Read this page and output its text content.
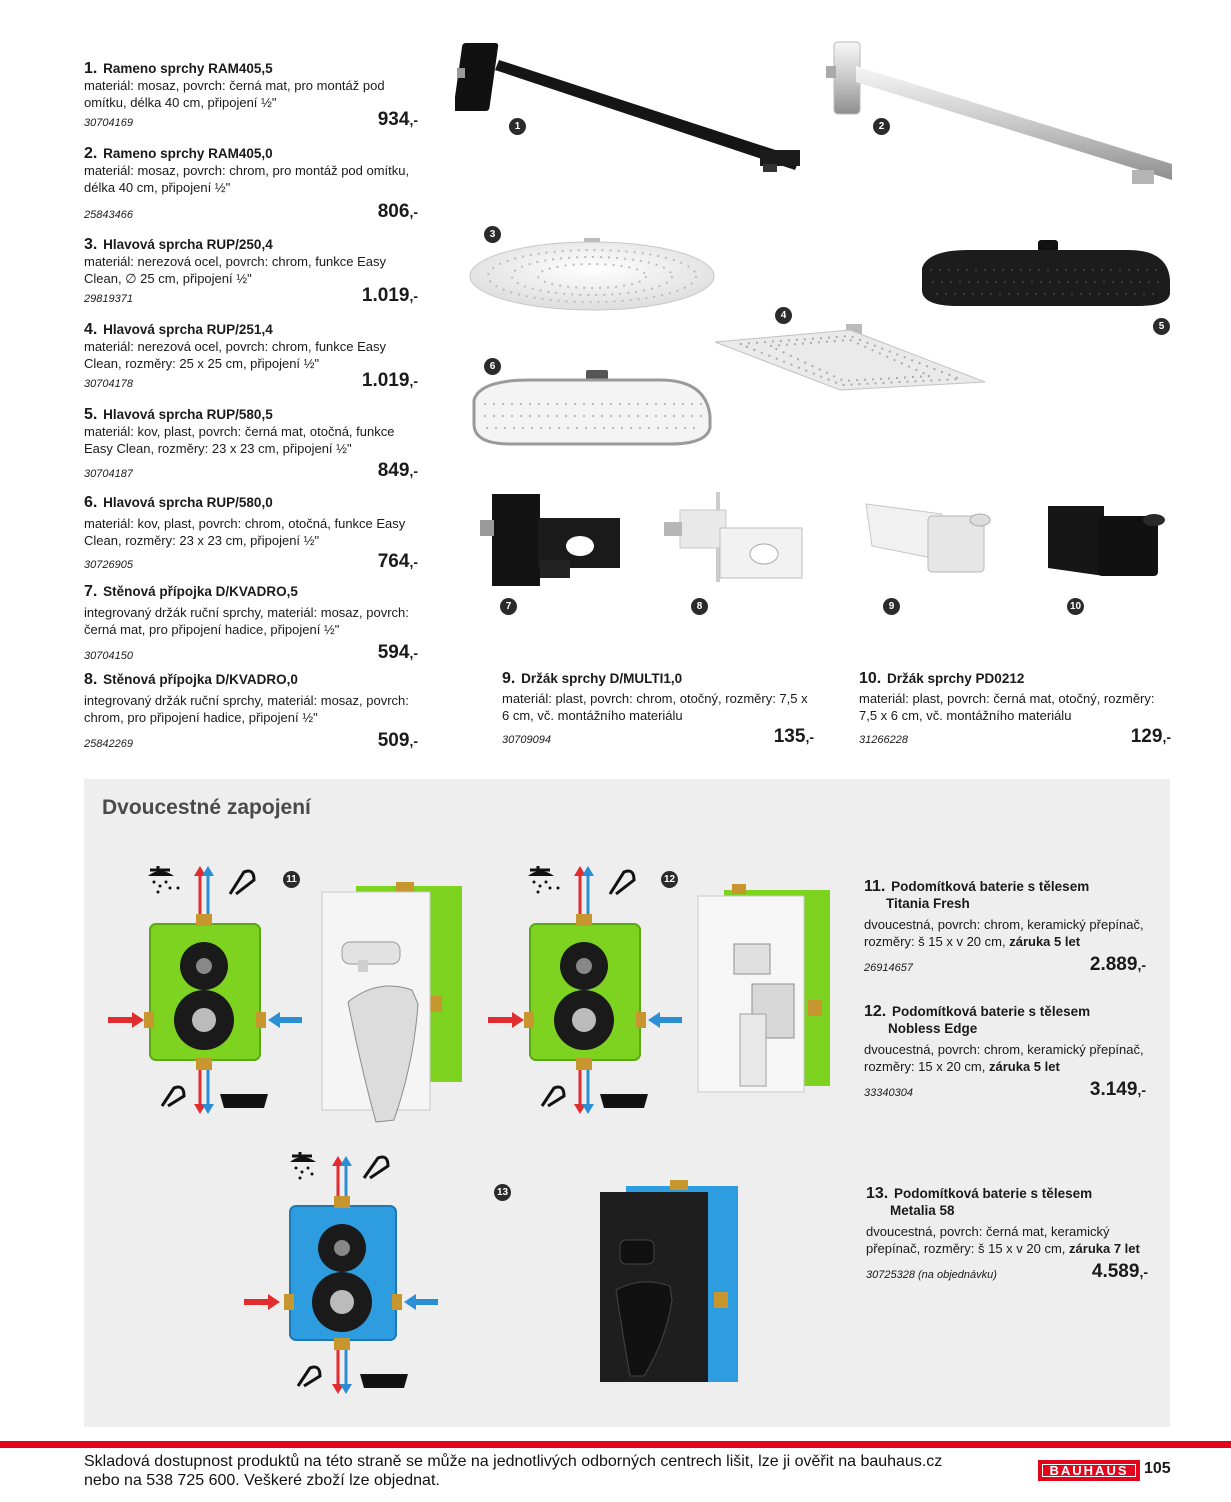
1. Rameno sprchy RAM405,5
materiál: mosaz, povrch: černá mat, pro montáž pod omítku, délka 40 cm, připojení ½"
30704169	934,-
2. Rameno sprchy RAM405,0
materiál: mosaz, povrch: chrom, pro montáž pod omítku, délka 40 cm, připojení ½"
25843466	806,-
3. Hlavová sprcha RUP/250,4
materiál: nerezová ocel, povrch: chrom, funkce Easy Clean, ∅ 25 cm, připojení ½"
29819371	1.019,-
4. Hlavová sprcha RUP/251,4
materiál: nerezová ocel, povrch: chrom, funkce Easy Clean, rozměry: 25 x 25 cm, připojení ½"
30704178	1.019,-
5. Hlavová sprcha RUP/580,5
materiál: kov, plast, povrch: černá mat, otočná, funkce Easy Clean, rozměry: 23 x 23 cm, připojení ½"
30704187	849,-
6. Hlavová sprcha RUP/580,0
materiál: kov, plast, povrch: chrom, otočná, funkce Easy Clean, rozměry: 23 x 23 cm, připojení ½"
30726905	764,-
7. Stěnová přípojka D/KVADRO,5
integrovaný držák ruční sprchy, materiál: mosaz, povrch: černá mat, pro připojení hadice, připojení ½"
30704150	594,-
8. Stěnová přípojka D/KVADRO,0
integrovaný držák ruční sprchy, materiál: mosaz, povrch: chrom, pro připojení hadice, připojení ½"
25842269	509,-
9. Držák sprchy D/MULTI1,0
materiál: plast, povrch: chrom, otočný, rozměry: 7,5 x 6 cm, vč. montážního materiálu
30709094	135,-
10. Držák sprchy PD0212
materiál: plast, povrch: černá mat, otočný, rozměry: 7,5 x 6 cm, vč. montážního materiálu
31266228	129,-
1	2
3
4
5
6
7	8	9	10
Dvoucestné zapojení
11	12
13
11. Podomítková baterie s tělesem
Titania Fresh
dvoucestná, povrch: chrom, keramický přepínač, rozměry: š 15 x v 20 cm, záruka 5 let
26914657	2.889,-
12. Podomítková baterie s tělesem
Nobless Edge
dvoucestná, povrch: chrom, keramický přepínač, rozměry: 15 x 20 cm, záruka 5 let
33340304	3.149,-
13. Podomítková baterie s tělesem
Metalia 58
dvoucestná, povrch: černá mat, keramický přepínač, rozměry: š 15 x v 20 cm, záruka 7 let
30725328 (na objednávku)	4.589,-
Skladová dostupnost produktů na této straně se může na jednotlivých odborných centrech lišit, lze ji ověřit na bauhaus.cz
nebo na 538 725 600. Veškeré zboží lze objednat.
BAUHAUS 105
